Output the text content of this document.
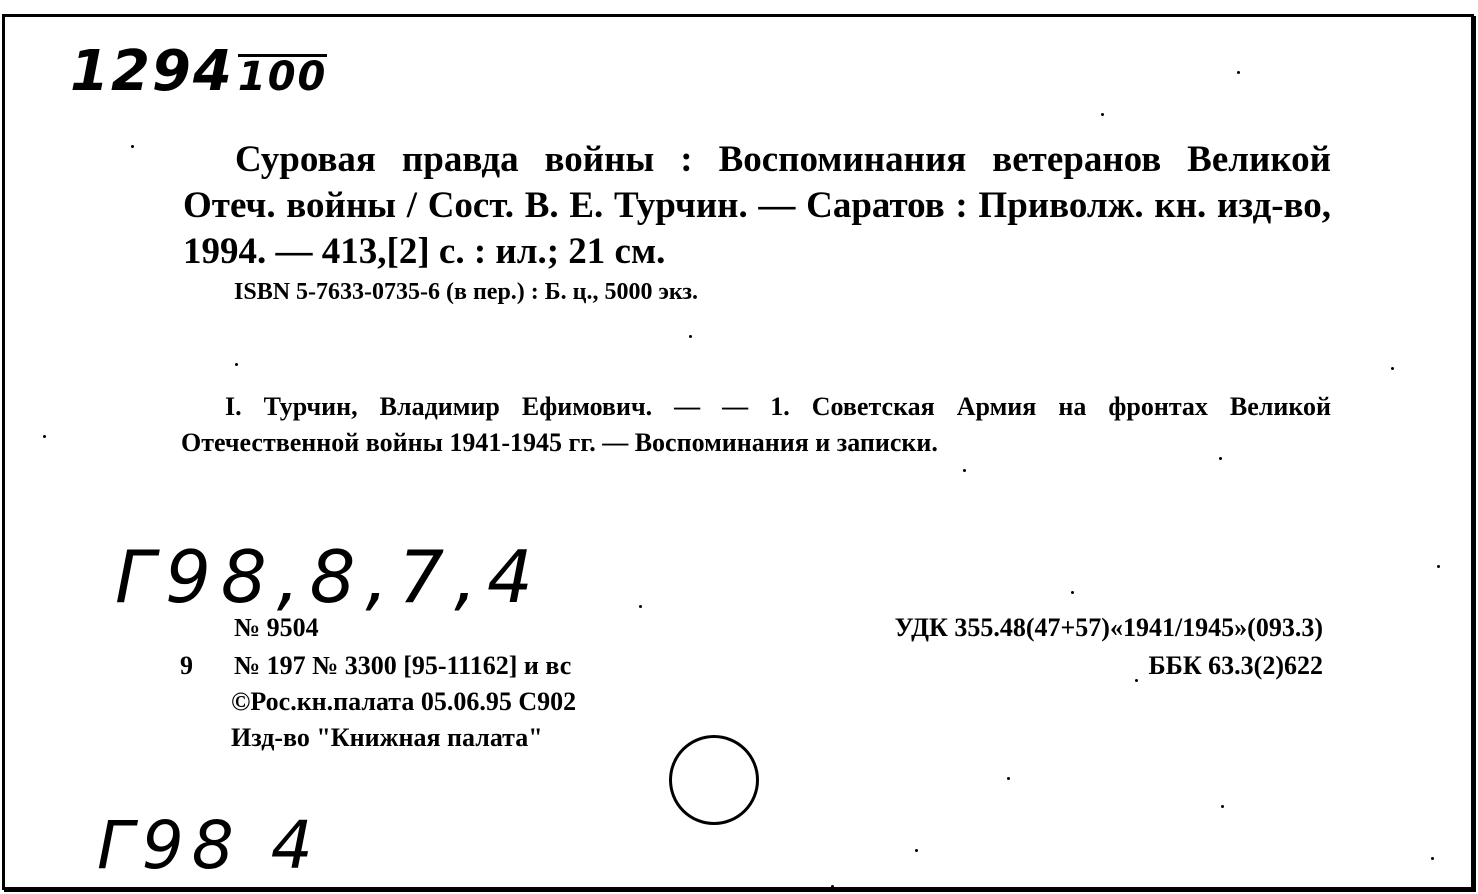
1294 100
Суровая правда войны : Воспоминания ветеранов Великой Отеч. войны / Сост. В. Е. Турчин. — Саратов : Приволж. кн. изд-во, 1994. — 413,[2] с. : ил.; 21 см.
ISBN 5-7633-0735-6 (в пер.) : Б. ц., 5000 экз.
I. Турчин, Владимир Ефимович. — — 1. Советская Армия на фронтах Великой Отечественной войны 1941-1945 гг. — Воспоминания и записки.
Г98,8,7,4
№ 9504
9 № 197 № 3300 [95-11162] и вс
©Рос.кн.палата 05.06.95 С902
Изд-во "Книжная палата"
УДК 355.48(47+57)«1941/1945»(093.3)
ББК 63.3(2)622
Г98 4
